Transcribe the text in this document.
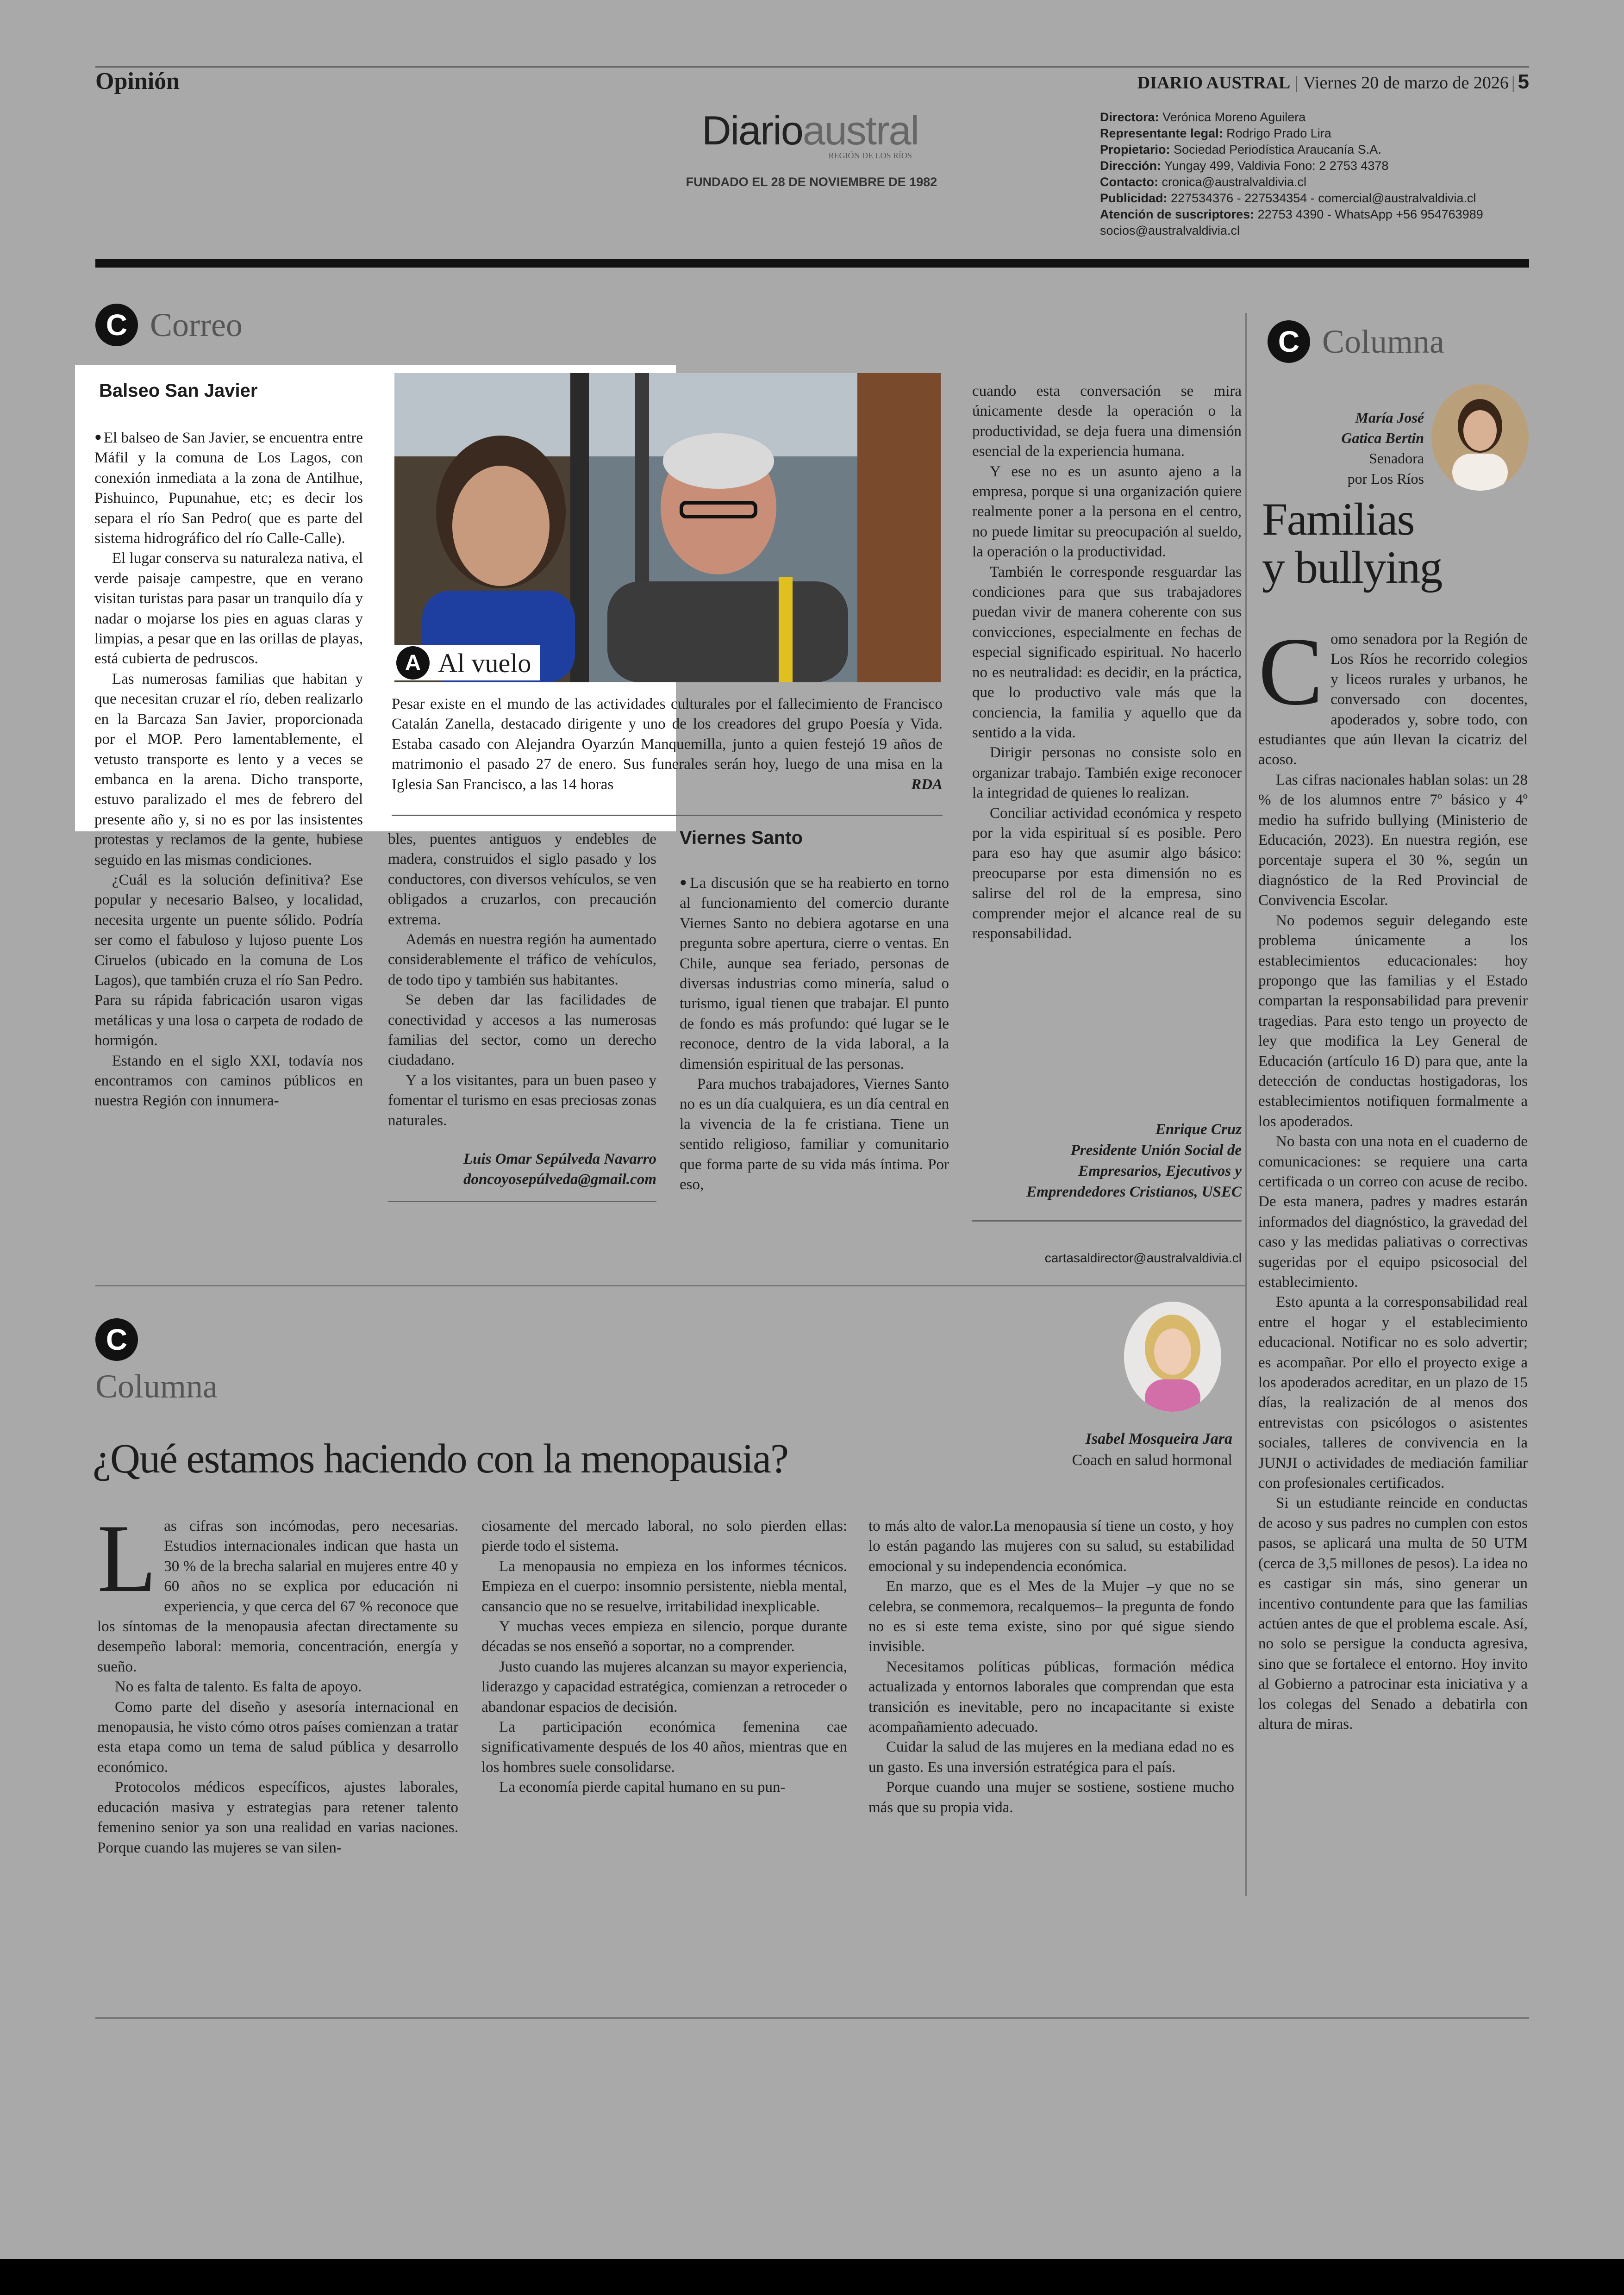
Opinión	DIARIO AUSTRAL | Viernes 20 de marzo de 2026 | 5
Diarioaustral
REGIÓN DE LOS RÍOS
FUNDADO EL 28 DE NOVIEMBRE DE 1982
Directora: Verónica Moreno Aguilera
Representante legal: Rodrigo Prado Lira
Propietario: Sociedad Periodística Araucanía S.A.
Dirección: Yungay 499, Valdivia Fono: 2 2753 4378
Contacto: cronica@australvaldivia.cl
Publicidad: 227534376 - 227534354 - comercial@australvaldivia.cl
Atención de suscriptores: 22753 4390 - WhatsApp +56 954763989
socios@australvaldivia.cl
C Correo
Balseo San Javier

● El balseo de San Javier, se encuentra entre Máfil y la comuna de Los Lagos, con conexión inmediata a la zona de Antilhue, Pishuinco, Pupunahue, etc; es decir los separa el río San Pedro( que es parte del sistema hidrográfico del río Calle-Calle).

El lugar conserva su naturaleza nativa, el verde paisaje campestre, que en verano visitan turistas para pasar un tranquilo día y nadar o mojarse los pies en aguas claras y limpias, a pesar que en las orillas de playas, está cubierta de pedruscos.

Las numerosas familias que habitan y que necesitan cruzar el río, deben realizarlo en la Barcaza San Javier, proporcionada por el MOP. Pero lamentablemente, el vetusto transporte es lento y a veces se embanca en la arena. Dicho transporte, estuvo paralizado el mes de febrero del presente año y, si no es por las insistentes protestas y reclamos de la gente, hubiese seguido en las mismas condiciones.

¿Cuál es la solución definitiva? Ese popular y necesario Balseo, y localidad, necesita urgente un puente sólido. Podría ser como el fabuloso y lujoso puente Los Ciruelos (ubicado en la comuna de Los Lagos), que también cruza el río San Pedro. Para su rápida fabricación usaron vigas metálicas y una losa o carpeta de rodado de hormigón.

Estando en el siglo XXI, todavía nos encontramos con caminos públicos en nuestra Región con innumera-

A Al vuelo

Pesar existe en el mundo de las actividades culturales por el fallecimiento de Francisco Catalán Zanella, destacado dirigente y uno de los creadores del grupo Poesía y Vida. Estaba casado con Alejandra Oyarzún Manquemilla, junto a quien festejó 19 años de matrimonio el pasado 27 de enero. Sus funerales serán hoy, luego de una misa en la Iglesia San Francisco, a las 14 horas	RDA

bles, puentes antiguos y endebles de madera, construidos el siglo pasado y los conductores, con diversos vehículos, se ven obligados a cruzarlos, con precaución extrema.

Además en nuestra región ha aumentado considerablemente el tráfico de vehículos, de todo tipo y también sus habitantes.

Se deben dar las facilidades de conectividad y accesos a las numerosas familias del sector, como un derecho ciudadano.

Y a los visitantes, para un buen paseo y fomentar el turismo en esas preciosas zonas naturales.

Luis Omar Sepúlveda Navarro
doncoyosepúlveda@gmail.com
Viernes Santo

● La discusión que se ha reabierto en torno al funcionamiento del comercio durante Viernes Santo no debiera agotarse en una pregunta sobre apertura, cierre o ventas. En Chile, aunque sea feriado, personas de diversas industrias como minería, salud o turismo, igual tienen que trabajar. El punto de fondo es más profundo: qué lugar se le reconoce, dentro de la vida laboral, a la dimensión espiritual de las personas.

Para muchos trabajadores, Viernes Santo no es un día cualquiera, es un día central en la vivencia de la fe cristiana. Tiene un sentido religioso, familiar y comunitario que forma parte de su vida más íntima. Por eso,

cuando esta conversación se mira únicamente desde la operación o la productividad, se deja fuera una dimensión esencial de la experiencia humana.

Y ese no es un asunto ajeno a la empresa, porque si una organización quiere realmente poner a la persona en el centro, no puede limitar su preocupación al sueldo, la operación o la productividad.

También le corresponde resguardar las condiciones para que sus trabajadores puedan vivir de manera coherente con sus convicciones, especialmente en fechas de especial significado espiritual. No hacerlo no es neutralidad: es decidir, en la práctica, que lo productivo vale más que la conciencia, la familia y aquello que da sentido a la vida.

Dirigir personas no consiste solo en organizar trabajo. También exige reconocer la integridad de quienes lo realizan.

Conciliar actividad económica y respeto por la vida espiritual sí es posible. Pero para eso hay que asumir algo básico: preocuparse por esta dimensión no es salirse del rol de la empresa, sino comprender mejor el alcance real de su responsabilidad.

Enrique Cruz
Presidente Unión Social de
Empresarios, Ejecutivos y
Emprendedores Cristianos, USEC
cartasaldirector@australvaldivia.cl
C Columna
María José
Gatica Bertin
Senadora
por Los Ríos
Familias
y bullying

Como senadora por la Región de Los Ríos he recorrido colegios y liceos rurales y urbanos, he conversado con docentes, apoderados y, sobre todo, con estudiantes que aún llevan la cicatriz del acoso.

Las cifras nacionales hablan solas: un 28 % de los alumnos entre 7º básico y 4º medio ha sufrido bullying (Ministerio de Educación, 2023). En nuestra región, ese porcentaje supera el 30 %, según un diagnóstico de la Red Provincial de Convivencia Escolar.

No podemos seguir delegando este problema únicamente a los establecimientos educacionales: hoy propongo que las familias y el Estado compartan la responsabilidad para prevenir tragedias. Para esto tengo un proyecto de ley que modifica la Ley General de Educación (artículo 16 D) para que, ante la detección de conductas hostigadoras, los establecimientos notifiquen formalmente a los apoderados.

No basta con una nota en el cuaderno de comunicaciones: se requiere una carta certificada o un correo con acuse de recibo. De esta manera, padres y madres estarán informados del diagnóstico, la gravedad del caso y las medidas paliativas o correctivas sugeridas por el equipo psicosocial del establecimiento.

Esto apunta a la corresponsabilidad real entre el hogar y el establecimiento educacional. Notificar no es solo advertir; es acompañar. Por ello el proyecto exige a los apoderados acreditar, en un plazo de 15 días, la realización de al menos dos entrevistas con psicólogos o asistentes sociales, talleres de convivencia en la JUNJI o actividades de mediación familiar con profesionales certificados.

Si un estudiante reincide en conductas de acoso y sus padres no cumplen con estos pasos, se aplicará una multa de 50 UTM (cerca de 3,5 millones de pesos). La idea no es castigar sin más, sino generar un incentivo contundente para que las familias actúen antes de que el problema escale. Así, no solo se persigue la conducta agresiva, sino que se fortalece el entorno. Hoy invito al Gobierno a patrocinar esta iniciativa y a los colegas del Senado a debatirla con altura de miras.

C
Columna
Isabel Mosqueira Jara
Coach en salud hormonal
¿Qué estamos haciendo con la menopausia?

Las cifras son incómodas, pero necesarias. Estudios internacionales indican que hasta un 30 % de la brecha salarial en mujeres entre 40 y 60 años no se explica por educación ni experiencia, y que cerca del 67 % reconoce que los síntomas de la menopausia afectan directamente su desempeño laboral: memoria, concentración, energía y sueño.

No es falta de talento. Es falta de apoyo.

Como parte del diseño y asesoría internacional en menopausia, he visto cómo otros países comienzan a tratar esta etapa como un tema de salud pública y desarrollo económico.

Protocolos médicos específicos, ajustes laborales, educación masiva y estrategias para retener talento femenino senior ya son una realidad en varias naciones. Porque cuando las mujeres se van silen-

ciosamente del mercado laboral, no solo pierden ellas: pierde todo el sistema.

La menopausia no empieza en los informes técnicos. Empieza en el cuerpo: insomnio persistente, niebla mental, cansancio que no se resuelve, irritabilidad inexplicable.

Y muchas veces empieza en silencio, porque durante décadas se nos enseñó a soportar, no a comprender.

Justo cuando las mujeres alcanzan su mayor experiencia, liderazgo y capacidad estratégica, comienzan a retroceder o abandonar espacios de decisión.

La participación económica femenina cae significativamente después de los 40 años, mientras que en los hombres suele consolidarse.

La economía pierde capital humano en su pun-

to más alto de valor.La menopausia sí tiene un costo, y hoy lo están pagando las mujeres con su salud, su estabilidad emocional y su independencia económica.

En marzo, que es el Mes de la Mujer –y que no se celebra, se conmemora, recalquemos– la pregunta de fondo no es si este tema existe, sino por qué sigue siendo invisible.

Necesitamos políticas públicas, formación médica actualizada y entornos laborales que comprendan que esta transición es inevitable, pero no incapacitante si existe acompañamiento adecuado.

Cuidar la salud de las mujeres en la mediana edad no es un gasto. Es una inversión estratégica para el país.

Porque cuando una mujer se sostiene, sostiene mucho más que su propia vida.
